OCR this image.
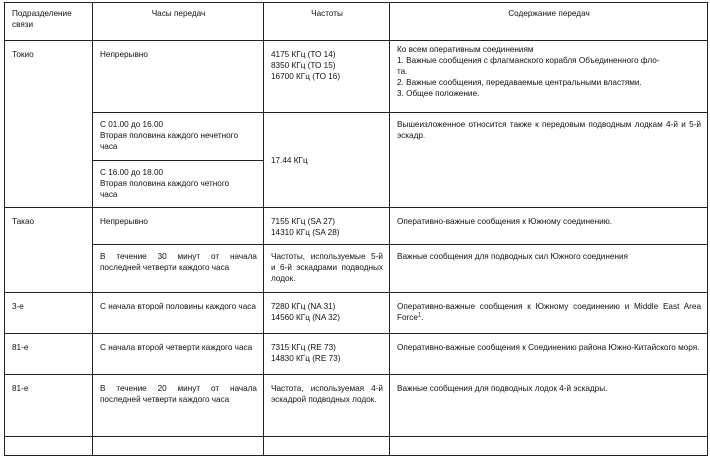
Подразделение
связи	Часы передач	Частоты	Содержание передач
Токио	Непрерывно	4175 КГц (ТО 14)
8350 КГц (ТО 15)
16700 КГц (ТО 16)	Ко всем оперативным соединениям
1. Важные сообщения с флагманского корабля Объединенного фло-
та.
2. Важные сообщения, передаваемые центральными властями.
3. Общее положение.

	С 01.00 до 16.00
Вторая половина каждого нечетного
часа	17.44 КГц	Вышеизложенное относится также к передовым подводным лодкам 4-й и 5-й эскадр.

	С 16.00 до 18.00
Вторая половина каждого четного
часа		

Такао	Непрерывно	7155 КГц (SA 27)
14310 КГц (SA 28)	Оперативно-важные сообщения к Южному соединению.
	В течение 30 минут от начала последней четверти каждого часа	Частоты, используемые 5-й и 6-й эскадрами подводных лодок.	Важные сообщения для подводных сил Южного соединения
3-е	С начала второй половины каждого часа	7280 КГц (NA 31)
14560 КГц (NA 32)	Оперативно-важные сообщения к Южному соединению и Middle East Area Force$^1$.
81-е	С начала второй четверти каждого часа	7315 КГц (RE 73)
14830 КГц (RE 73)	Оперативно-важные сообщения к Соединению района Южно-Китайского моря.
81-е	В течение 20 минут от начала последней четверти каждого часа	Частота, используемая 4-й эскадрой подводных лодок.	Важные сообщения для подводных лодок 4-й эскадры.
